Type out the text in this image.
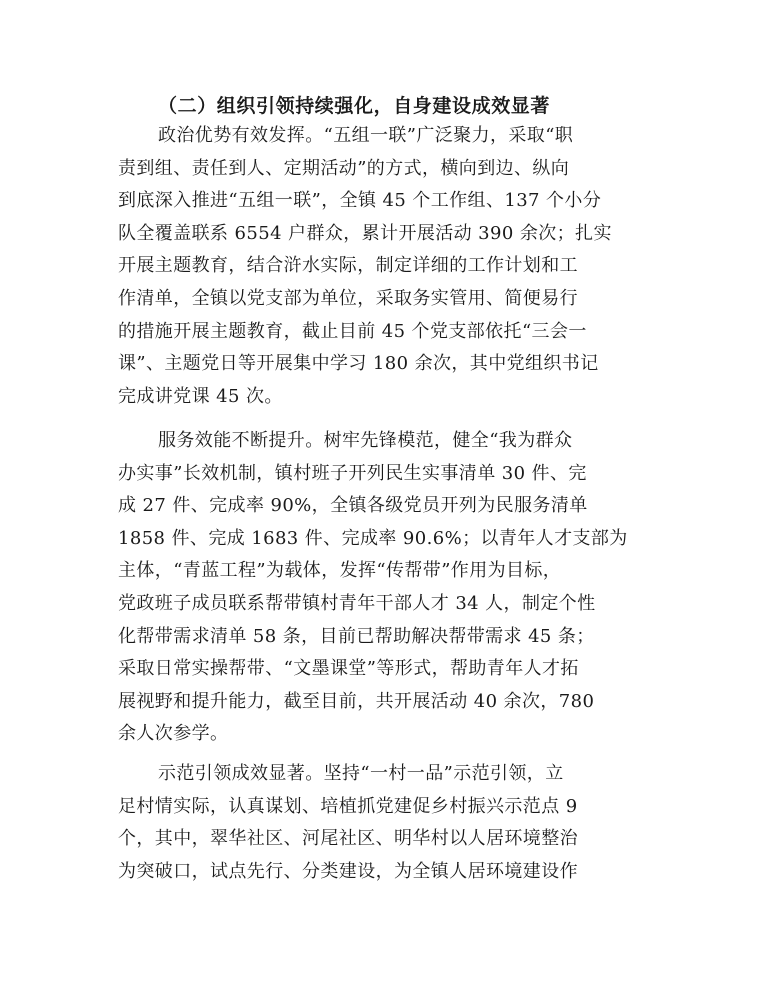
（二）组织引领持续强化，自身建设成效显著
政治优势有效发挥。“五组一联”广泛聚力，采取“职
责到组、责任到人、定期活动”的方式，横向到边、纵向
到底深入推进“五组一联”，全镇 45 个工作组、137 个小分
队全覆盖联系 6554 户群众，累计开展活动 390 余次；扎实
开展主题教育，结合浒水实际，制定详细的工作计划和工
作清单，全镇以党支部为单位，采取务实管用、简便易行
的措施开展主题教育，截止目前 45 个党支部依托“三会一
课”、主题党日等开展集中学习 180 余次，其中党组织书记
完成讲党课 45 次。
服务效能不断提升。树牢先锋模范，健全“我为群众
办实事”长效机制，镇村班子开列民生实事清单 30 件、完
成 27 件、完成率 90%，全镇各级党员开列为民服务清单
1858 件、完成 1683 件、完成率 90.6%；以青年人才支部为
主体，“青蓝工程”为载体，发挥“传帮带”作用为目标，
党政班子成员联系帮带镇村青年干部人才 34 人，制定个性
化帮带需求清单 58 条，目前已帮助解决帮带需求 45 条；
采取日常实操帮带、“文墨课堂”等形式，帮助青年人才拓
展视野和提升能力，截至目前，共开展活动 40 余次，780
余人次参学。
示范引领成效显著。坚持“一村一品”示范引领，立
足村情实际，认真谋划、培植抓党建促乡村振兴示范点 9
个，其中，翠华社区、河尾社区、明华村以人居环境整治
为突破口，试点先行、分类建设，为全镇人居环境建设作
